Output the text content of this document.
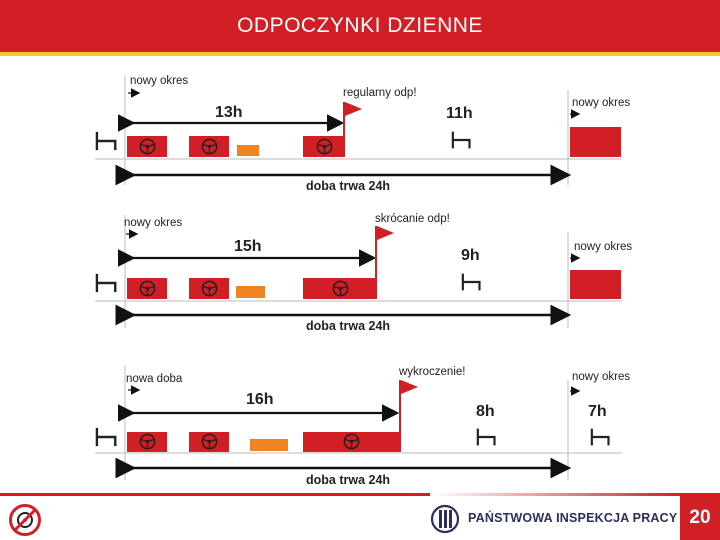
ODPOCZYNKI DZIENNE
nowy okres
13h
regularny odp!
11h
nowy okres
doba trwa 24h
nowy okres
15h
skrócanie odp!
9h	nowy okres
doba trwa 24h
nowa doba
16h
wykroczenie!
8h	7h
nowy okres
doba trwa 24h
PAŃSTWOWA INSPEKCJA PRACY 20
